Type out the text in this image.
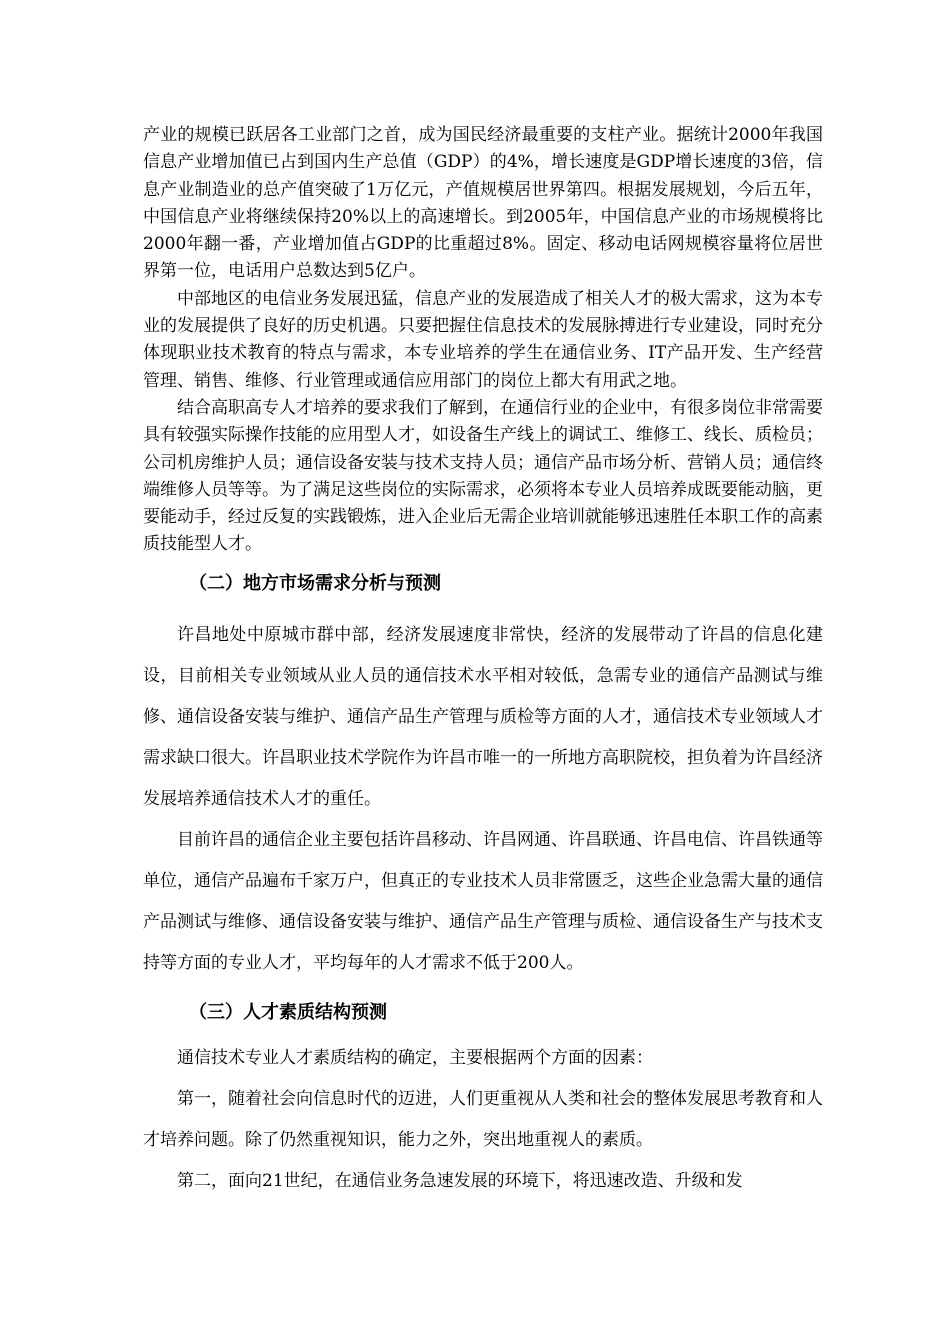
产业的规模已跃居各工业部门之首，成为国民经济最重要的支柱产业。据统计2000年我国信息产业增加值已占到国内生产总值（GDP）的4%，增长速度是GDP增长速度的3倍，信息产业制造业的总产值突破了1万亿元，产值规模居世界第四。根据发展规划，今后五年，中国信息产业将继续保持20%以上的高速增长。到2005年，中国信息产业的市场规模将比2000年翻一番，产业增加值占GDP的比重超过8%。固定、移动电话网规模容量将位居世界第一位，电话用户总数达到5亿户。

中部地区的电信业务发展迅猛，信息产业的发展造成了相关人才的极大需求，这为本专业的发展提供了良好的历史机遇。只要把握住信息技术的发展脉搏进行专业建设，同时充分体现职业技术教育的特点与需求，本专业培养的学生在通信业务、IT产品开发、生产经营管理、销售、维修、行业管理或通信应用部门的岗位上都大有用武之地。

结合高职高专人才培养的要求我们了解到，在通信行业的企业中，有很多岗位非常需要具有较强实际操作技能的应用型人才，如设备生产线上的调试工、维修工、线长、质检员；公司机房维护人员；通信设备安装与技术支持人员；通信产品市场分析、营销人员；通信终端维修人员等等。为了满足这些岗位的实际需求，必须将本专业人员培养成既要能动脑，更要能动手，经过反复的实践锻炼，进入企业后无需企业培训就能够迅速胜任本职工作的高素质技能型人才。

（二）地方市场需求分析与预测

许昌地处中原城市群中部，经济发展速度非常快，经济的发展带动了许昌的信息化建设，目前相关专业领域从业人员的通信技术水平相对较低，急需专业的通信产品测试与维修、通信设备安装与维护、通信产品生产管理与质检等方面的人才，通信技术专业领域人才需求缺口很大。许昌职业技术学院作为许昌市唯一的一所地方高职院校，担负着为许昌经济发展培养通信技术人才的重任。

目前许昌的通信企业主要包括许昌移动、许昌网通、许昌联通、许昌电信、许昌铁通等单位，通信产品遍布千家万户，但真正的专业技术人员非常匮乏，这些企业急需大量的通信产品测试与维修、通信设备安装与维护、通信产品生产管理与质检、通信设备生产与技术支持等方面的专业人才，平均每年的人才需求不低于200人。

（三）人才素质结构预测

通信技术专业人才素质结构的确定，主要根据两个方面的因素：

第一，随着社会向信息时代的迈进，人们更重视从人类和社会的整体发展思考教育和人才培养问题。除了仍然重视知识，能力之外，突出地重视人的素质。

第二，面向21世纪，在通信业务急速发展的环境下，将迅速改造、升级和发
